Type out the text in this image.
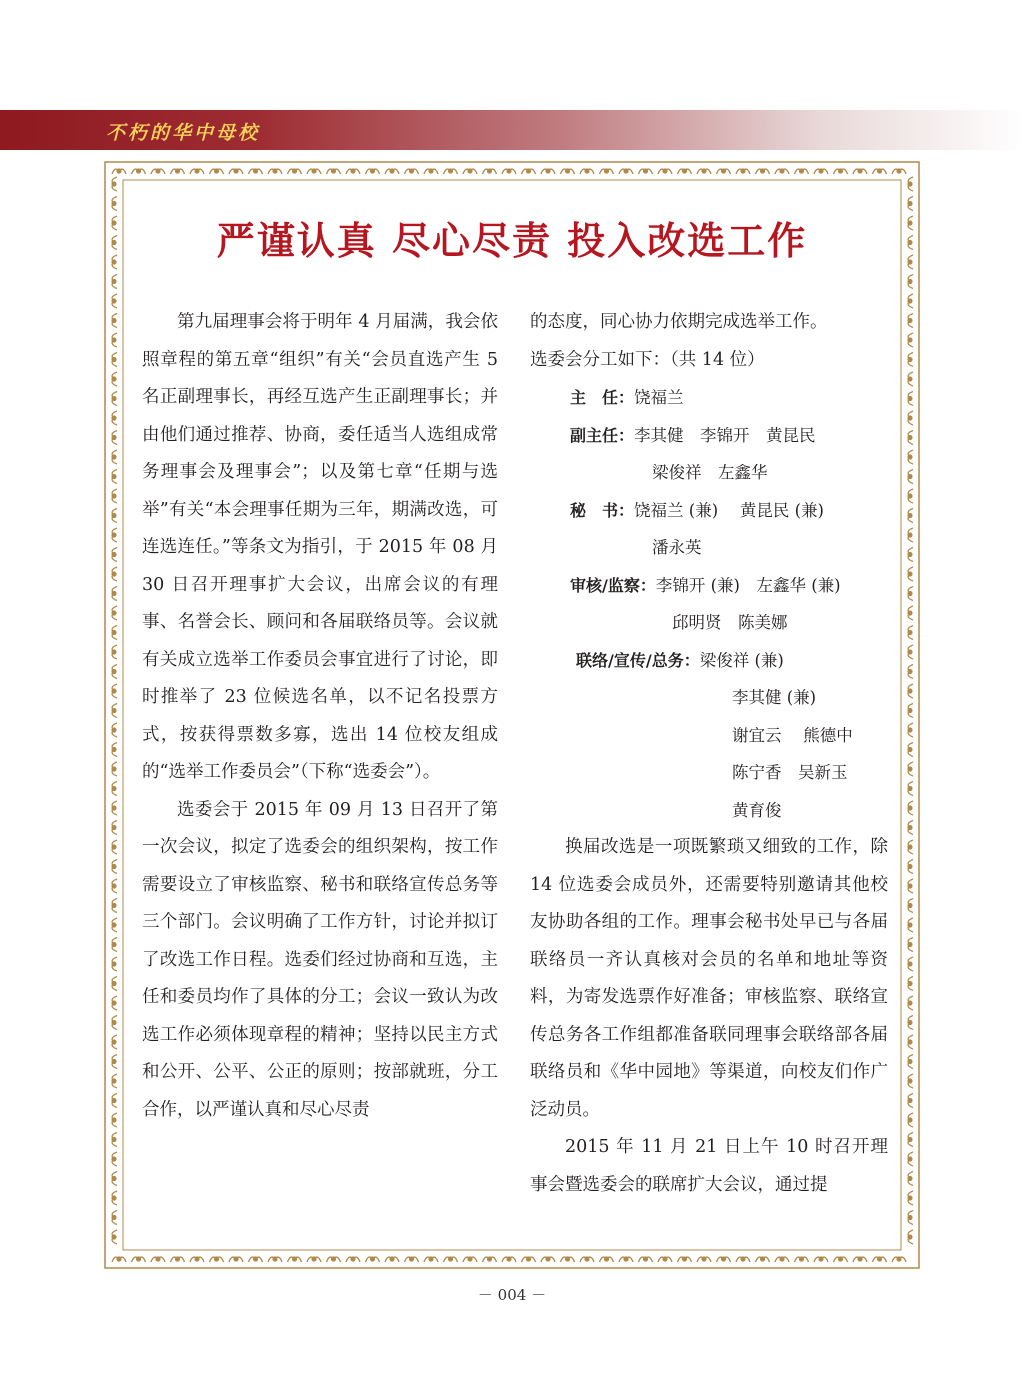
不朽的华中母校
严谨认真 尽心尽责 投入改选工作

第九届理事会将于明年 4 月届满，我会依照章程的第五章“组织”有关“会员直选产生 5 名正副理事长，再经互选产生正副理事长；并由他们通过推荐、协商，委任适当人选组成常务理事会及理事会”；以及第七章“任期与选举”有关“本会理事任期为三年，期满改选，可连选连任。”等条文为指引，于 2015 年 08 月 30 日召开理事扩大会议，出席会议的有理事、名誉会长、顾问和各届联络员等。会议就有关成立选举工作委员会事宜进行了讨论，即时推举了 23 位候选名单，以不记名投票方式，按获得票数多寡，选出 14 位校友组成的“选举工作委员会”（下称“选委会”）。

选委会于 2015 年 09 月 13 日召开了第一次会议，拟定了选委会的组织架构，按工作需要设立了审核监察、秘书和联络宣传总务等三个部门。会议明确了工作方针，讨论并拟订了改选工作日程。选委们经过协商和互选，主任和委员均作了具体的分工；会议一致认为改选工作必须体现章程的精神；坚持以民主方式和公开、公平、公正的原则；按部就班，分工合作，以严谨认真和尽心尽责

的态度，同心协力依期完成选举工作。

选委会分工如下：（共 14 位）

主　任： 饶福兰
副主任： 李其健　李锦开　黄昆民
梁俊祥　左鑫华
秘　书： 饶福兰 (兼)　 黄昆民 (兼)
潘永英
审核/监察： 李锦开 (兼)　左鑫华 (兼)
邱明贤　陈美娜
联络/宣传/总务： 梁俊祥 (兼)
李其健 (兼)
谢宜云　 熊德中
陈宁香　吴新玉
黄育俊

换届改选是一项既繁琐又细致的工作，除 14 位选委会成员外，还需要特别邀请其他校友协助各组的工作。理事会秘书处早已与各届联络员一齐认真核对会员的名单和地址等资料，为寄发选票作好准备；审核监察、联络宣传总务各工作组都准备联同理事会联络部各届联络员和《华中园地》等渠道，向校友们作广泛动员。

2015 年 11 月 21 日上午 10 时召开理事会暨选委会的联席扩大会议，通过提

－ 004 －
